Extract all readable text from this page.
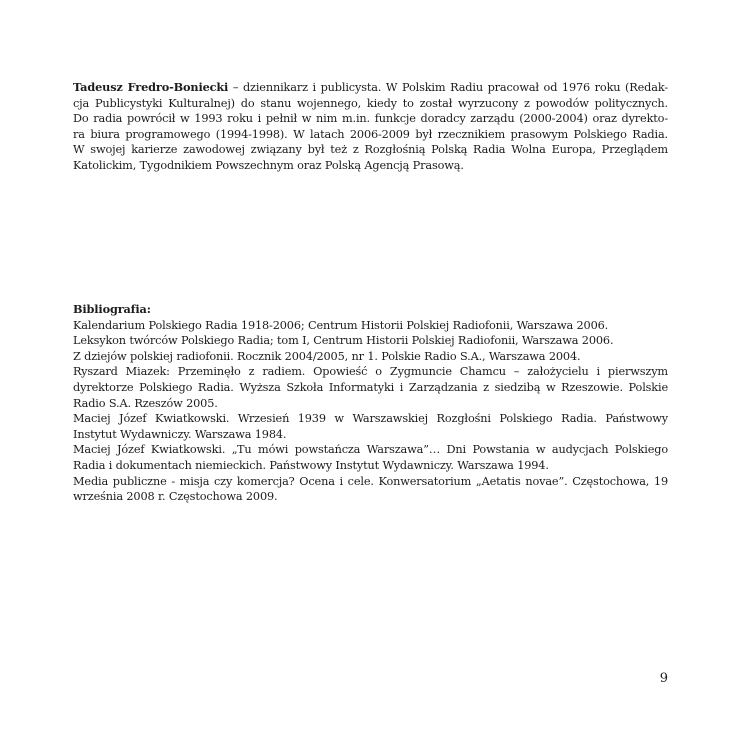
Tadeusz Fredro-Boniecki – dziennikarz i publicysta. W Polskim Radiu pracował od 1976 roku (Redak-
cja Publicystyki Kulturalnej) do stanu wojennego, kiedy to został wyrzucony z powodów politycznych.
Do radia powrócił w 1993 roku i pełnił w nim m.in. funkcje doradcy zarządu (2000-2004) oraz dyrekto-
ra biura programowego (1994-1998). W latach 2006-2009 był rzecznikiem prasowym Polskiego Radia.
W swojej karierze zawodowej związany był też z Rozgłośnią Polską Radia Wolna Europa, Przeglądem
Katolickim, Tygodnikiem Powszechnym oraz Polską Agencją Prasową.
Bibliografia:
Kalendarium Polskiego Radia 1918-2006; Centrum Historii Polskiej Radiofonii, Warszawa 2006.
Leksykon twórców Polskiego Radia; tom I, Centrum Historii Polskiej Radiofonii, Warszawa 2006.
Z dziejów polskiej radiofonii. Rocznik 2004/2005, nr 1. Polskie Radio S.A., Warszawa 2004.
Ryszard Miazek: Przeminęło z radiem. Opowieść o Zygmuncie Chamcu – założycielu i pierwszym
dyrektorze Polskiego Radia. Wyższa Szkoła Informatyki i Zarządzania z siedzibą w Rzeszowie. Polskie
Radio S.A. Rzeszów 2005.
Maciej Józef Kwiatkowski. Wrzesień 1939 w Warszawskiej Rozgłośni Polskiego Radia. Państwowy
Instytut Wydawniczy. Warszawa 1984.
Maciej Józef Kwiatkowski. „Tu mówi powstańcza Warszawa”… Dni Powstania w audycjach Polskiego
Radia i dokumentach niemieckich. Państwowy Instytut Wydawniczy. Warszawa 1994.
Media publiczne - misja czy komercja? Ocena i cele. Konwersatorium „Aetatis novae”. Częstochowa, 19
września 2008 r. Częstochowa 2009.
9
